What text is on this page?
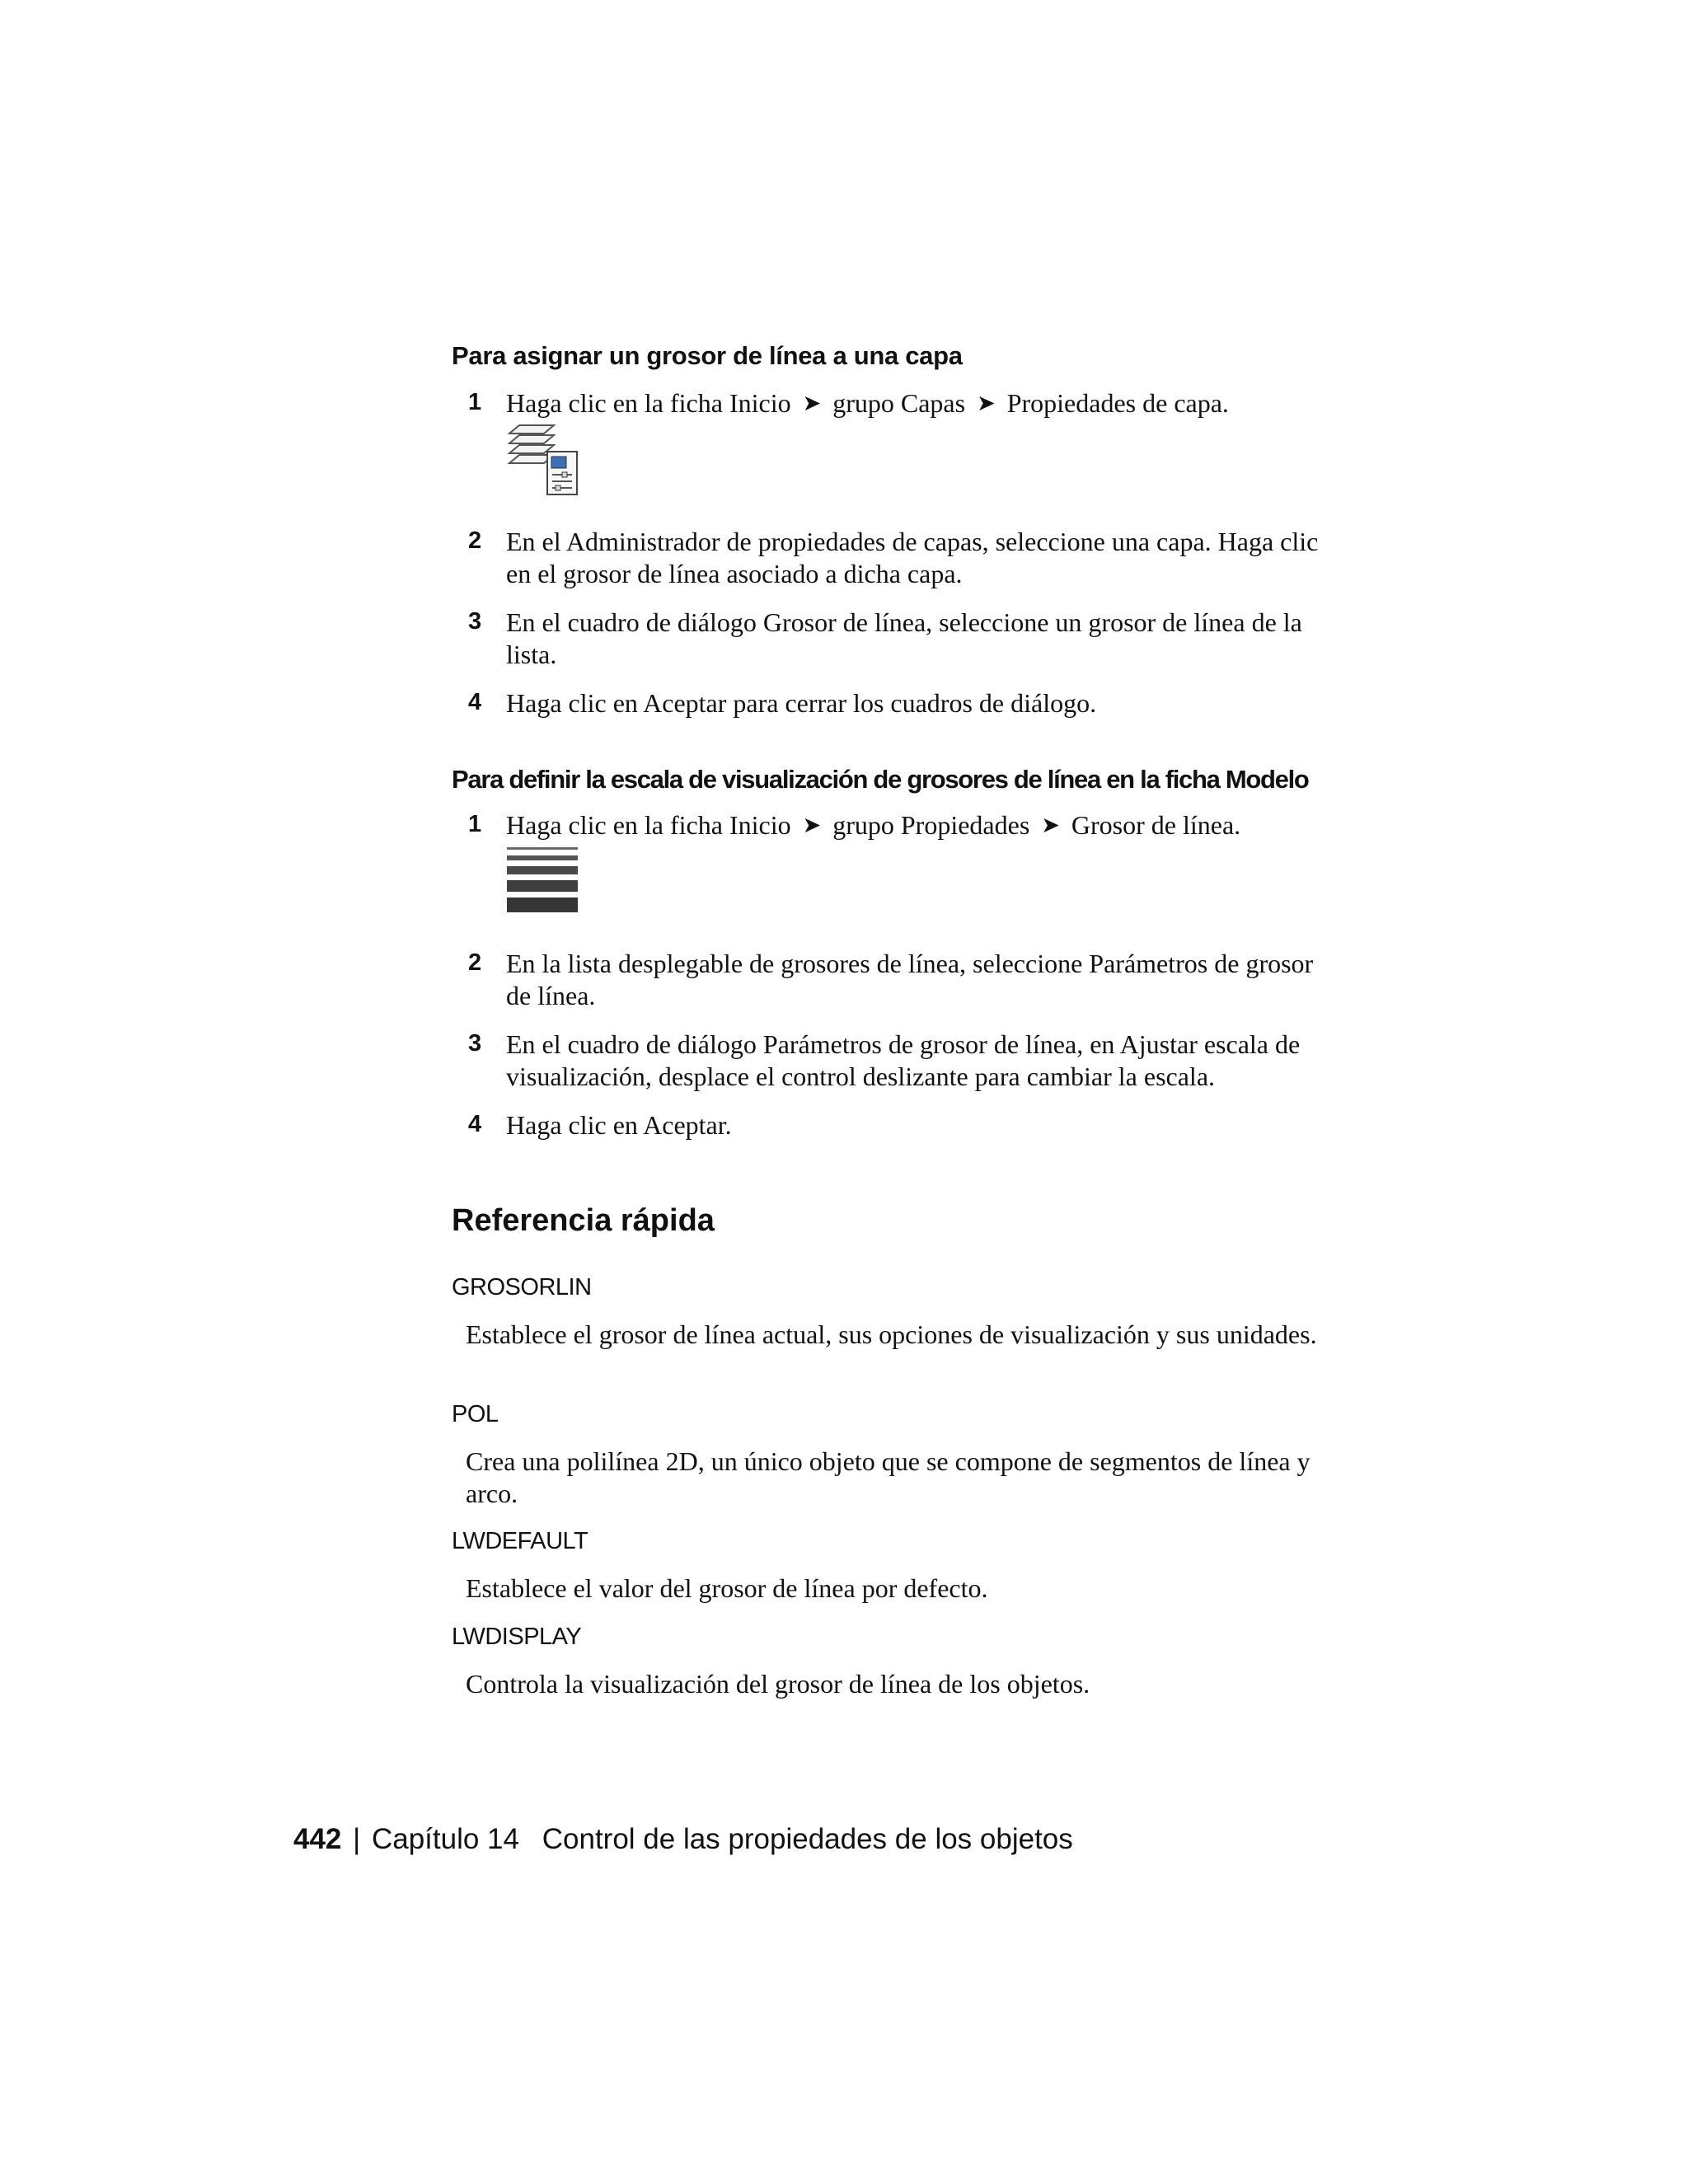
Para asignar un grosor de línea a una capa
1 Haga clic en la ficha Inicio ➤ grupo Capas ➤ Propiedades de capa.
2 En el Administrador de propiedades de capas, seleccione una capa. Haga clic en el grosor de línea asociado a dicha capa.
3 En el cuadro de diálogo Grosor de línea, seleccione un grosor de línea de la lista.
4 Haga clic en Aceptar para cerrar los cuadros de diálogo.
Para definir la escala de visualización de grosores de línea en la ficha Modelo
1 Haga clic en la ficha Inicio ➤ grupo Propiedades ➤ Grosor de línea.
2 En la lista desplegable de grosores de línea, seleccione Parámetros de grosor de línea.
3 En el cuadro de diálogo Parámetros de grosor de línea, en Ajustar escala de visualización, desplace el control deslizante para cambiar la escala.
4 Haga clic en Aceptar.
Referencia rápida
GROSORLIN
Establece el grosor de línea actual, sus opciones de visualización y sus unidades.
POL
Crea una polilínea 2D, un único objeto que se compone de segmentos de línea y arco.
LWDEFAULT
Establece el valor del grosor de línea por defecto.
LWDISPLAY
Controla la visualización del grosor de línea de los objetos.
442 | Capítulo 14 Control de las propiedades de los objetos
